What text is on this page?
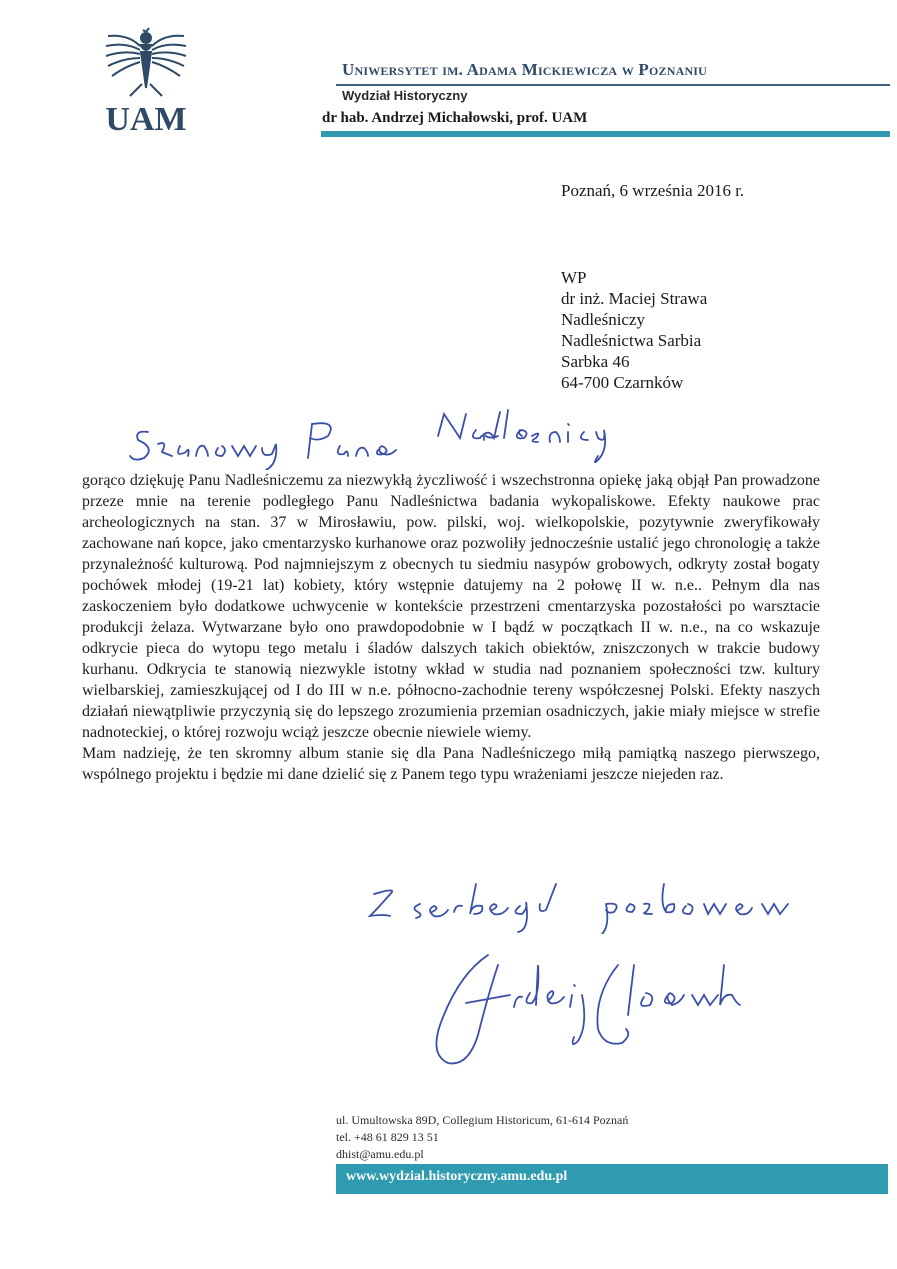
UAM
Uniwersytet im. Adama Mickiewicza w Poznaniu
Wydział Historyczny
dr hab. Andrzej Michałowski, prof. UAM
Poznań, 6 września 2016 r.
WP
dr inż. Maciej Strawa
Nadleśniczy
Nadleśnictwa Sarbia
Sarbka 46
64-700 Czarnków

gorąco dziękuję Panu Nadleśniczemu za niezwykłą życzliwość i wszechstronna opiekę jaką objął Pan prowadzone przeze mnie na terenie podległego Panu Nadleśnictwa badania wykopaliskowe. Efekty naukowe prac archeologicznych na stan. 37 w Mirosławiu, pow. pilski, woj. wielkopolskie, pozytywnie zweryfikowały zachowane nań kopce, jako cmentarzysko kurhanowe oraz pozwoliły jednocześnie ustalić jego chronologię a także przynależność kulturową. Pod najmniejszym z obecnych tu siedmiu nasypów grobowych, odkryty został bogaty pochówek młodej (19-21 lat) kobiety, który wstępnie datujemy na 2 połowę II w. n.e.. Pełnym dla nas zaskoczeniem było dodatkowe uchwycenie w kontekście przestrzeni cmentarzyska pozostałości po warsztacie produkcji żelaza. Wytwarzane było ono prawdopodobnie w I bądź w początkach II w. n.e., na co wskazuje odkrycie pieca do wytopu tego metalu i śladów dalszych takich obiektów, zniszczonych w trakcie budowy kurhanu. Odkrycia te stanowią niezwykle istotny wkład w studia nad poznaniem społeczności tzw. kultury wielbarskiej, zamieszkującej od I do III w n.e. północno-zachodnie tereny współczesnej Polski. Efekty naszych działań niewątpliwie przyczynią się do lepszego zrozumienia przemian osadniczych, jakie miały miejsce w strefie nadnoteckiej, o której rozwoju wciąż jeszcze obecnie niewiele wiemy.

Mam nadzieję, że ten skromny album stanie się dla Pana Nadleśniczego miłą pamiątką naszego pierwszego, wspólnego projektu i będzie mi dane dzielić się z Panem tego typu wrażeniami jeszcze niejeden raz.

ul. Umultowska 89D, Collegium Historicum, 61-614 Poznań
tel. +48 61 829 13 51
dhist@amu.edu.pl
www.wydzial.historyczny.amu.edu.pl
